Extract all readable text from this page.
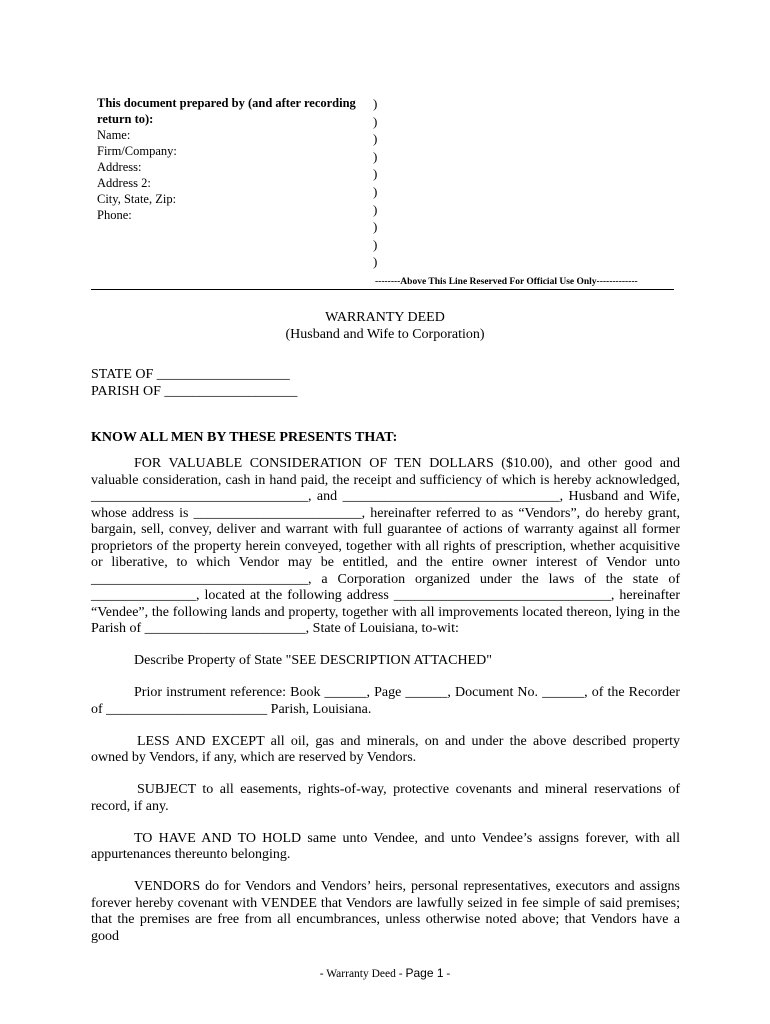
This document prepared by (and after recording
return to):
Name:
Firm/Company:
Address:
Address 2:
City, State, Zip:
Phone:
)
)
)
)
)
)
)
)
)
)
--------Above This Line Reserved For Official Use Only-------------
WARRANTY DEED
(Husband and Wife to Corporation)
STATE OF ___________________
PARISH OF ___________________
KNOW ALL MEN BY THESE PRESENTS THAT:

FOR VALUABLE CONSIDERATION OF TEN DOLLARS ($10.00), and other good and valuable consideration, cash in hand paid, the receipt and sufficiency of which is hereby acknowledged, _______________________________, and _______________________________, Husband and Wife, whose address is ________________________, hereinafter referred to as “Vendors”, do hereby grant, bargain, sell, convey, deliver and warrant with full guarantee of actions of warranty against all former proprietors of the property herein conveyed, together with all rights of prescription, whether acquisitive or liberative, to which Vendor may be entitled, and the entire owner interest of Vendor unto _______________________________, a Corporation organized under the laws of the state of _______________, located at the following address _______________________________, hereinafter “Vendee”, the following lands and property, together with all improvements located thereon, lying in the Parish of _______________________, State of Louisiana, to-wit:

Describe Property of State "SEE DESCRIPTION ATTACHED"

Prior instrument reference: Book ______, Page ______, Document No. ______, of the Recorder of _______________________ Parish, Louisiana.

LESS AND EXCEPT all oil, gas and minerals, on and under the above described property owned by Vendors, if any, which are reserved by Vendors.

SUBJECT to all easements, rights-of-way, protective covenants and mineral reservations of record, if any.

TO HAVE AND TO HOLD same unto Vendee, and unto Vendee’s assigns forever, with all appurtenances thereunto belonging.

VENDORS do for Vendors and Vendors’ heirs, personal representatives, executors and assigns forever hereby covenant with VENDEE that Vendors are lawfully seized in fee simple of said premises; that the premises are free from all encumbrances, unless otherwise noted above; that Vendors have a good

- Warranty Deed - Page 1 -
